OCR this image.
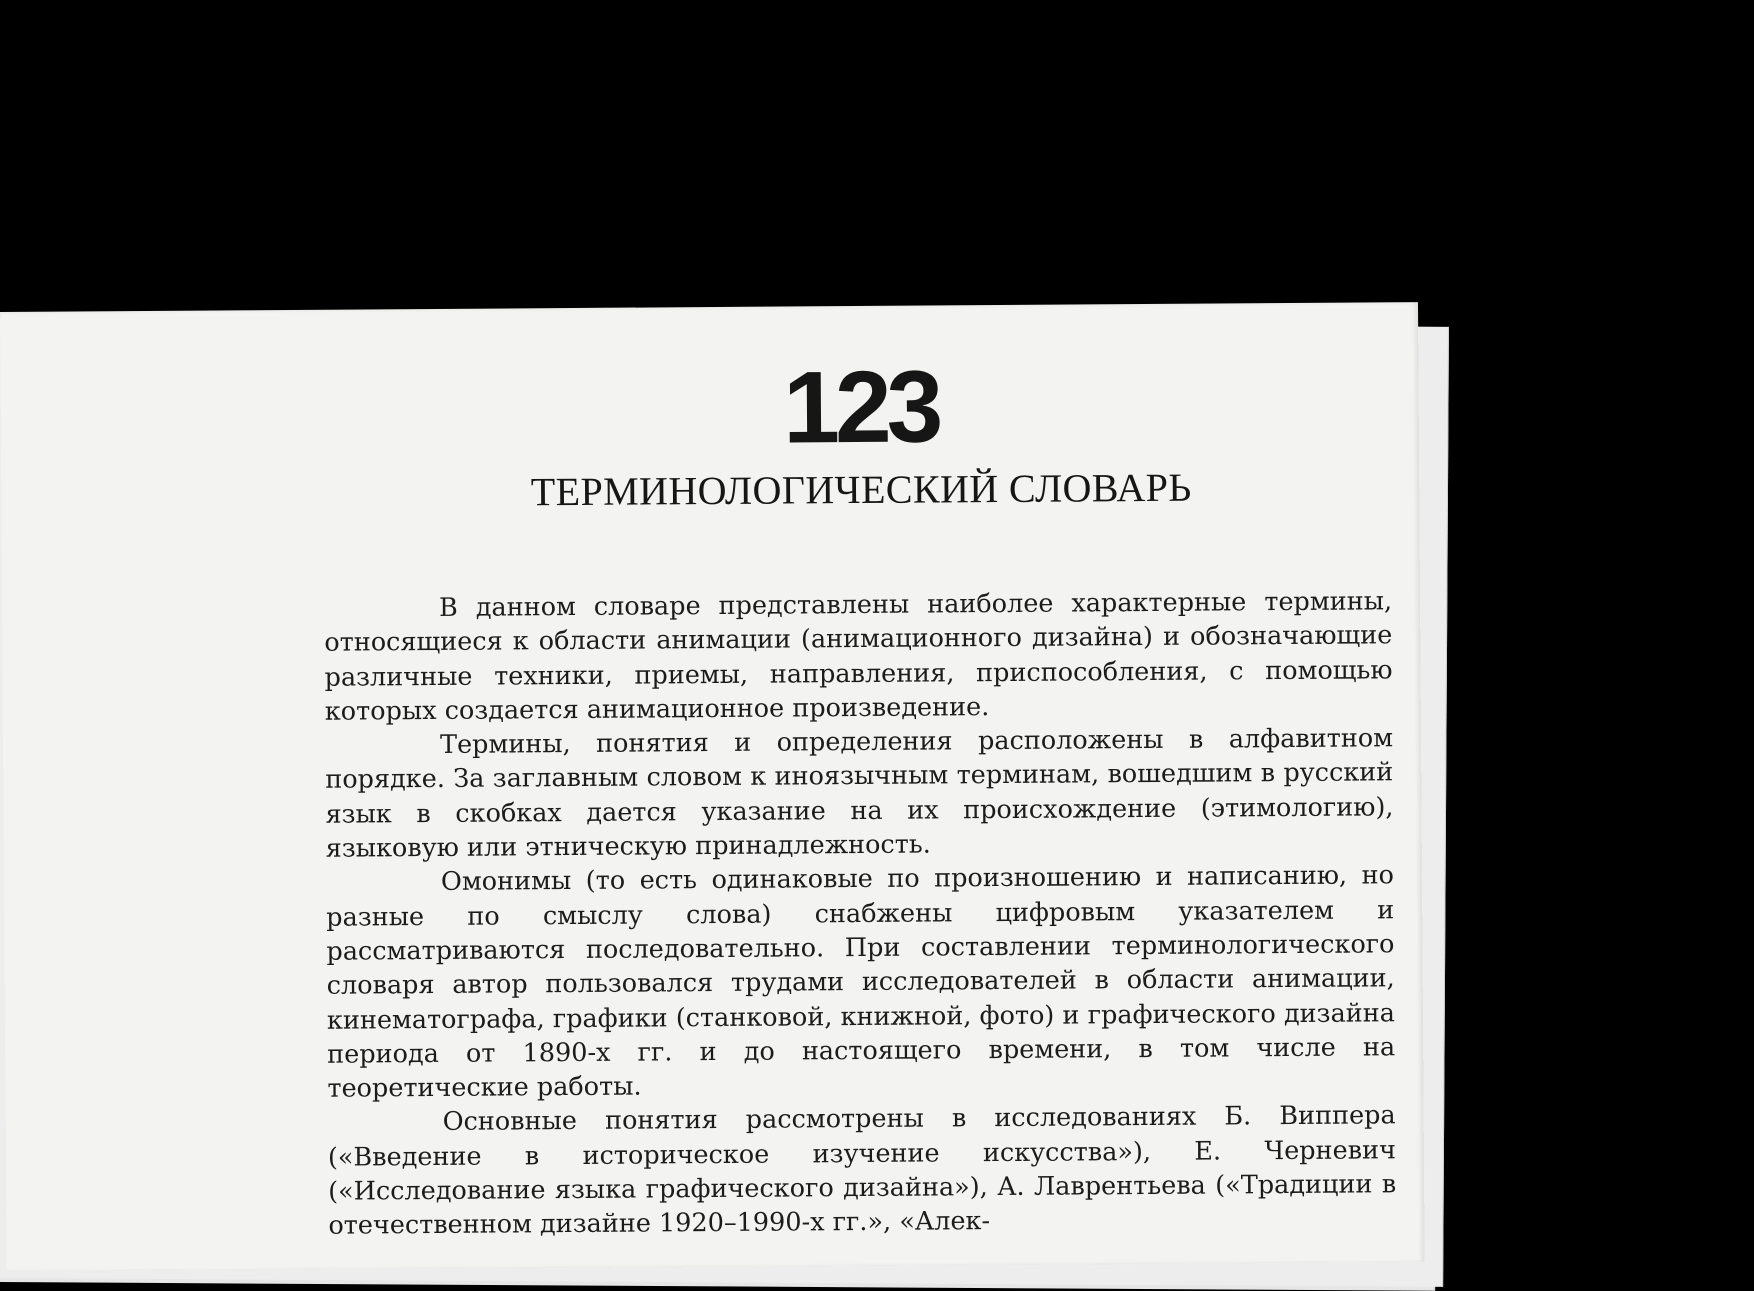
123
ТЕРМИНОЛОГИЧЕСКИЙ СЛОВАРЬ

В данном словаре представлены наиболее характерные термины, относящиеся к области анимации (анимационного дизайна) и обозначающие различные техники, приемы, направления, приспособления, с помощью которых создается анимационное произведение.

Термины, понятия и определения расположены в алфавитном порядке. За заглавным словом к иноязычным терминам, вошедшим в русский язык в скобках дается указание на их происхождение (этимологию), языковую или этническую принадлежность.

Омонимы (то есть одинаковые по произношению и написанию, но разные по смыслу слова) снабжены цифровым указателем и рассматриваются последовательно. При составлении терминологического словаря автор пользовался трудами исследователей в области анимации, кинематографа, графики (станковой, книжной, фото) и графического дизайна периода от 1890-х гг. и до настоящего времени, в том числе на теоретические работы.

Основные понятия рассмотрены в исследованиях Б. Виппера («Введение в историческое изучение искусства»), Е. Черневич («Исследование языка графического дизайна»), А. Лаврентьева («Традиции в отечественном дизайне 1920–1990-х гг.», «Алек-
